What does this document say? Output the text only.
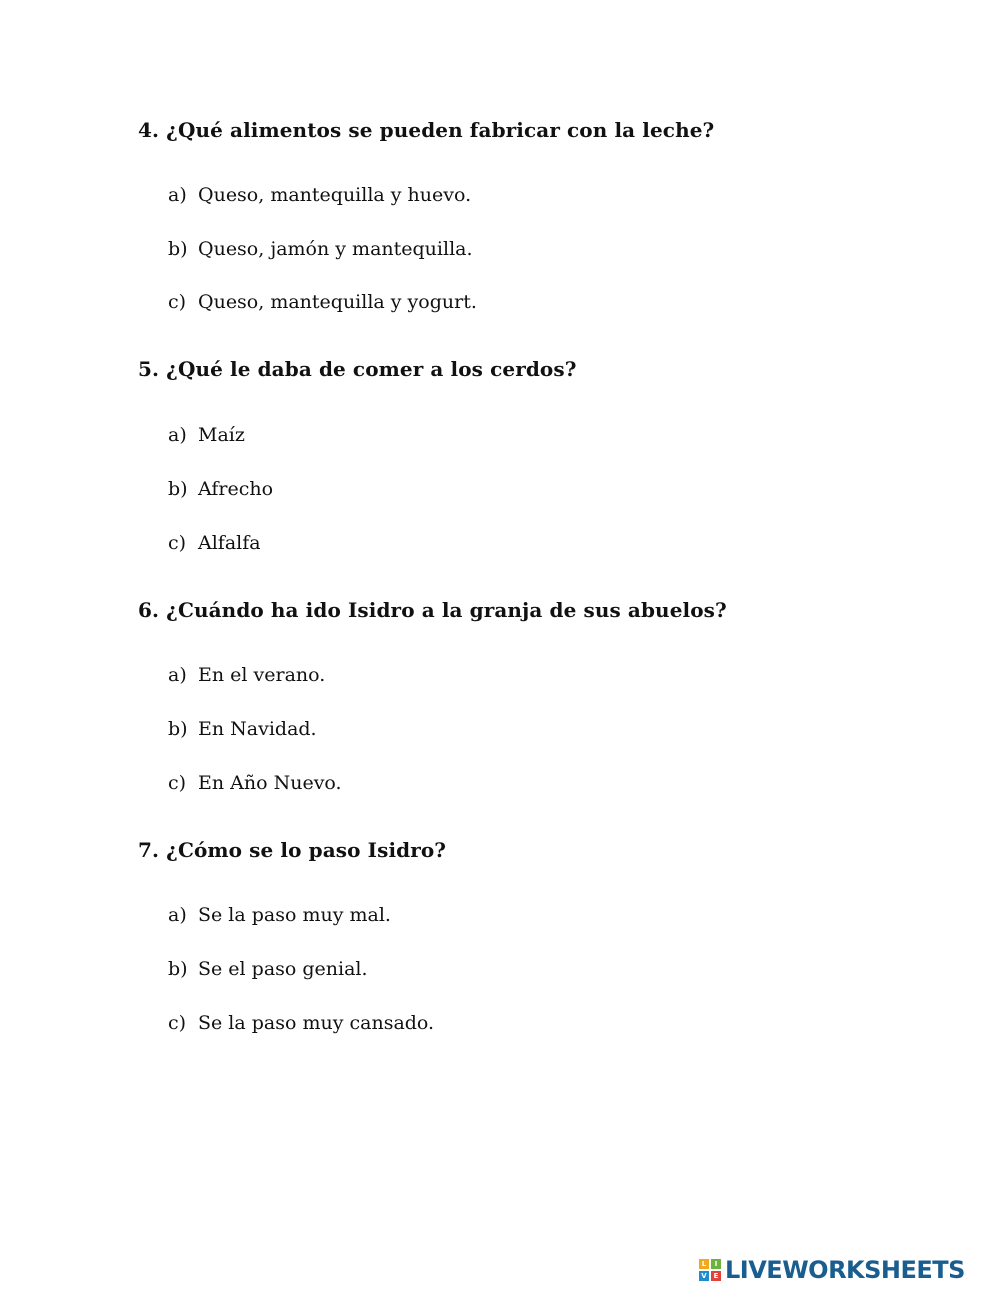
4. ¿Qué alimentos se pueden fabricar con la leche?
a) Queso, mantequilla y huevo.
b) Queso, jamón y mantequilla.
c) Queso, mantequilla y yogurt.
5. ¿Qué le daba de comer a los cerdos?
a) Maíz
b) Afrecho
c) Alfalfa
6. ¿Cuándo ha ido Isidro a la granja de sus abuelos?
a) En el verano.
b) En Navidad.
c) En Año Nuevo.
7. ¿Cómo se lo paso Isidro?
a) Se la paso muy mal.
b) Se el paso genial.
c) Se la paso muy cansado.
L	I
V E LIVEWORKSHEETS
